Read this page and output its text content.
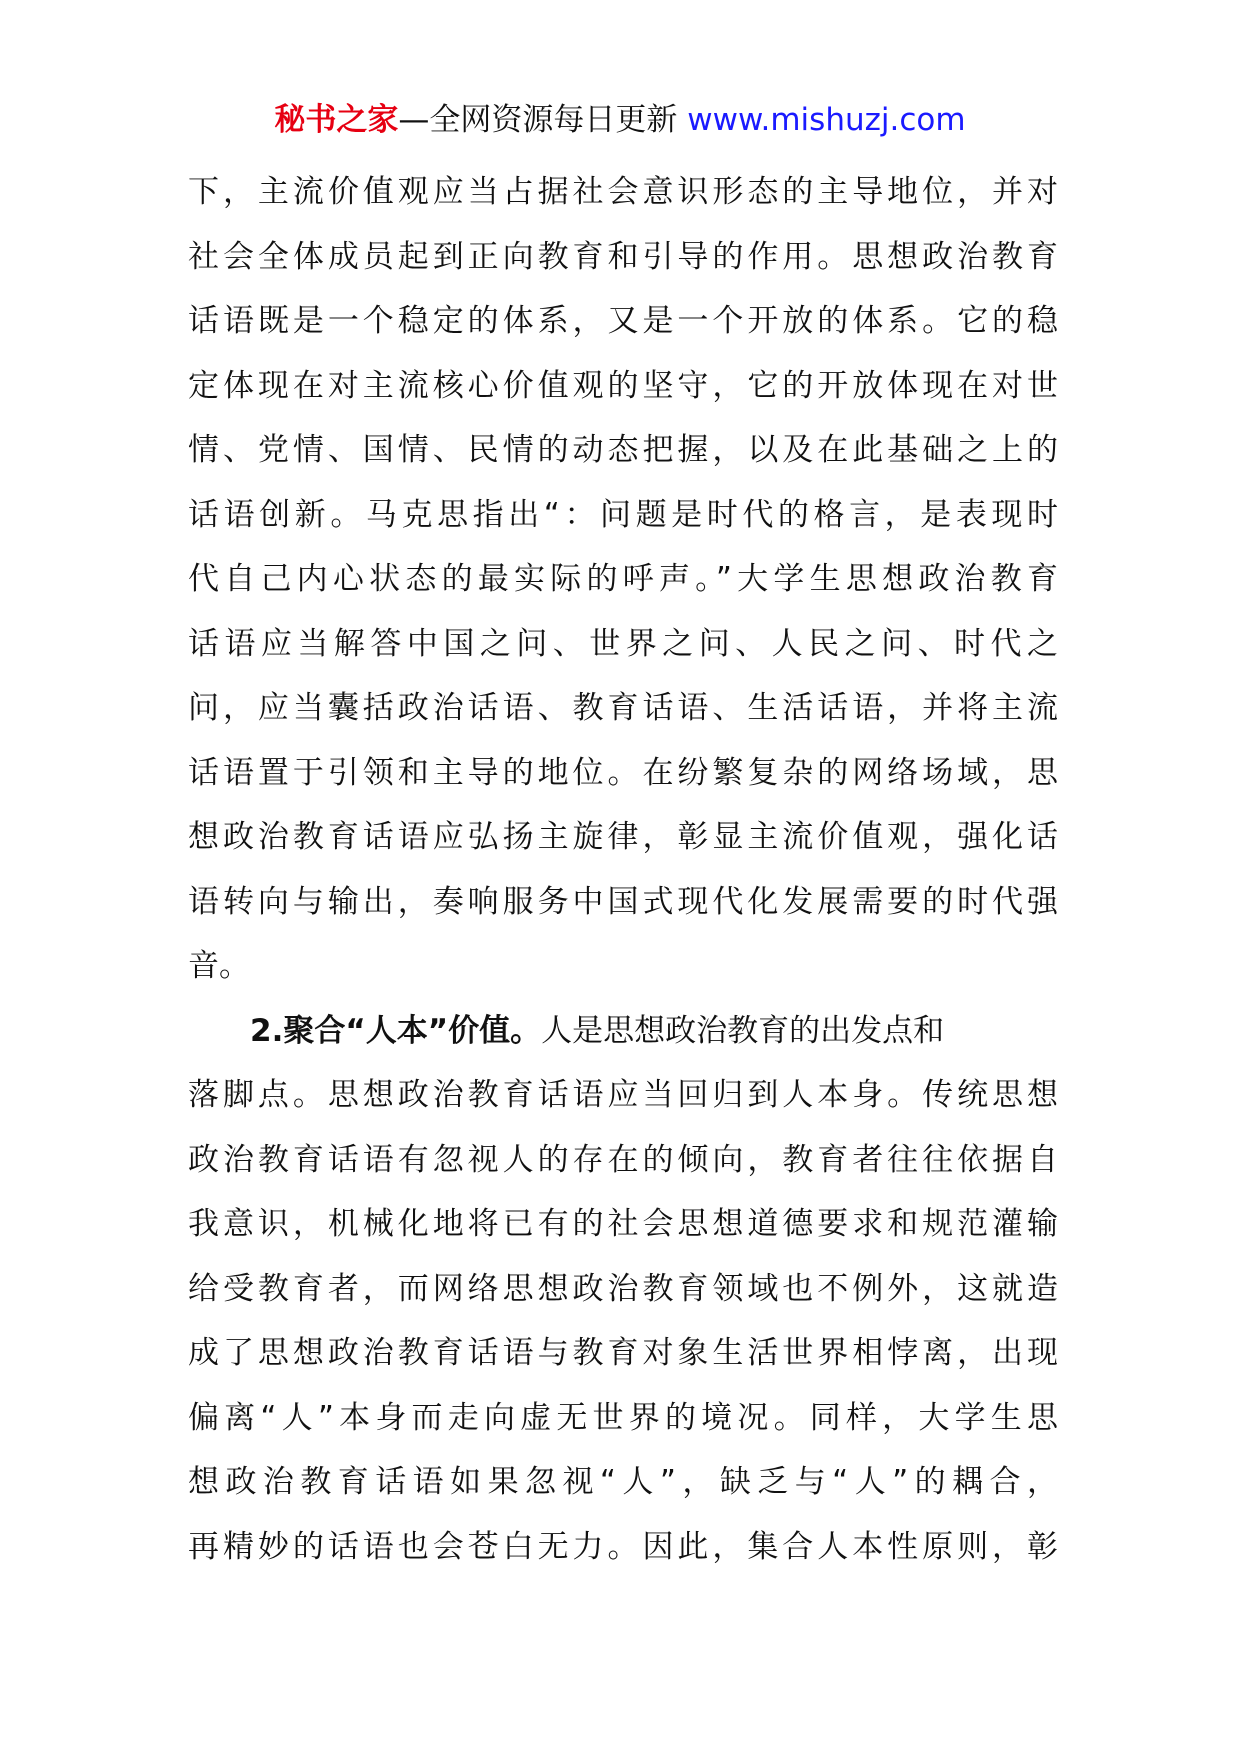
秘书之家—全网资源每日更新 www.mishuzj.com
下，主流价值观应当占据社会意识形态的主导地位，并对
社会全体成员起到正向教育和引导的作用。思想政治教育
话语既是一个稳定的体系，又是一个开放的体系。它的稳
定体现在对主流核心价值观的坚守，它的开放体现在对世
情、党情、国情、民情的动态把握，以及在此基础之上的
话语创新。马克思指出“：问题是时代的格言，是表现时
代自己内心状态的最实际的呼声。”大学生思想政治教育
话语应当解答中国之问、世界之问、人民之问、时代之
问，应当囊括政治话语、教育话语、生活话语，并将主流
话语置于引领和主导的地位。在纷繁复杂的网络场域，思
想政治教育话语应弘扬主旋律，彰显主流价值观，强化话
语转向与输出，奏响服务中国式现代化发展需要的时代强
音。
2.聚合“人本”价值。人是思想政治教育的出发点和
落脚点。思想政治教育话语应当回归到人本身。传统思想
政治教育话语有忽视人的存在的倾向，教育者往往依据自
我意识，机械化地将已有的社会思想道德要求和规范灌输
给受教育者，而网络思想政治教育领域也不例外，这就造
成了思想政治教育话语与教育对象生活世界相悖离，出现
偏离“人”本身而走向虚无世界的境况。同样，大学生思
想政治教育话语如果忽视“人”，缺乏与“人”的耦合，
再精妙的话语也会苍白无力。因此，集合人本性原则，彰
